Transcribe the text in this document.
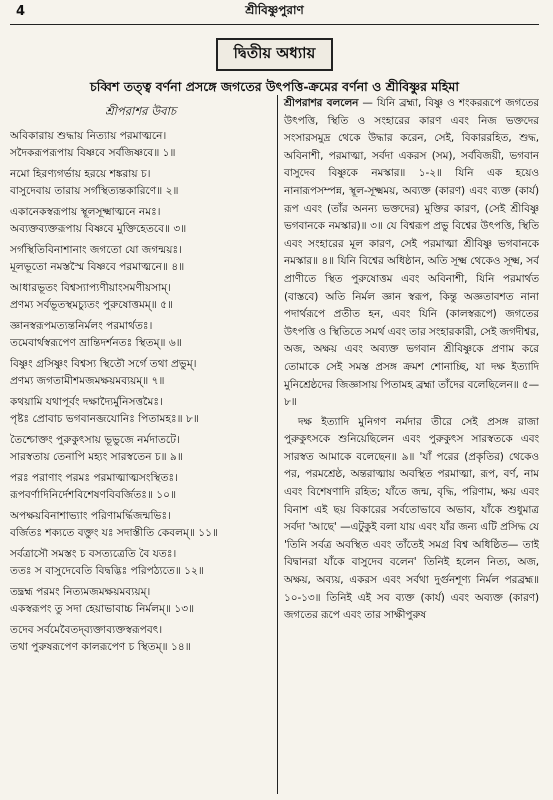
4	শ্রীবিষ্ণুপুরাণ
দ্বিতীয় অধ্যায়
চব্বিশ তত্ত্ব বর্ণনা প্রসঙ্গে জগতের উৎপত্তি-ক্রমের বর্ণনা ও শ্রীবিষ্ণুর মহিমা
শ্রীপরাশর উবাচ
অবিকারায় শুদ্ধায় নিত্যায় পরমাত্মনে।
সদৈকরূপরূপায় বিষ্ণবে সর্বজিষ্ণবে॥ ১॥
নমো হিরণ্যগর্ভায় হরয়ে শঙ্করায় চ।
বাসুদেবায় তারায় সর্গস্থিত্যন্তকারিণে॥ ২॥
একানেকস্বরূপায় স্থূলসূক্ষ্মাত্মনে নমঃ।
অব্যক্তব্যক্তরূপায় বিষ্ণবে মুক্তিহেতবে॥ ৩॥
সর্গস্থিতিবিনাশানাং জগতো যো জগন্ময়ঃ।
মূলভূতো নমস্তস্মৈ বিষ্ণবে পরমাত্মনে॥ ৪॥
আধারভূতং বিশ্বস্যাপ্যণীয়াংসমণীয়সাম্।
প্রণম্য সর্বভূতস্থমচ্যুতং পুরুষোত্তমম্॥ ৫॥
জ্ঞানস্বরূপমত্যন্তনির্মলং পরমার্থতঃ।
তমেবার্থস্বরূপেণ ভ্রান্তিদর্শনতঃ স্থিতম্॥ ৬॥
বিষ্ণুং গ্রসিষ্ণুং বিশ্বস্য স্থিতৌ সর্গে তথা প্রভুম্।
প্রণম্য জগতামীশমজমক্ষয়মব্যয়ম্॥ ৭॥
কথয়ামি যথাপূর্বং দক্ষাদ্যৈর্মুনিসত্তমৈঃ।
পৃষ্টঃ প্রোবাচ ভগবানব্জযোনিঃ পিতামহঃ॥ ৮॥
তৈশ্চোক্তং পুরুকুৎসায় ভূভুজে নর্মদাতটে।
সারস্বতায় তেনাপি মহ্যং সারস্বতেন চ॥ ৯॥
পরঃ পরাণাং পরমঃ পরমাত্মাত্মসংস্থিতঃ।
রূপবর্ণাদিনির্দেশবিশেষণবিবর্জিতঃ॥ ১০॥
অপক্ষয়বিনাশাভ্যাং পরিণামর্দ্ধিজন্মভিঃ।
বর্জিতঃ শক্যতে বক্তুং যঃ সদাস্তীতি কেবলম্॥ ১১॥
সর্বত্রাসৌ সমস্তং চ বসত্যত্রেতি বৈ যতঃ।
ততঃ স বাসুদেবেতি বিদ্বদ্ভিঃ পরিপঠ্যতে॥ ১২॥
তদ্ব্রহ্ম পরমং নিত্যমজমক্ষয়মব্যয়ম্।
একস্বরূপং তু সদা হেয়াভাবাচ্চ নির্মলম্॥ ১৩॥
তদেব সর্বমেবৈতদ্‌ব্যক্তাব্যক্তস্বরূপবৎ।
তথা পুরুষরূপেণ কালরূপেণ চ স্থিতম্॥ ১৪॥

শ্রীপরাশর বললেন — যিনি ব্রহ্মা, বিষ্ণু ও শংকররূপে জগতের উৎপত্তি, স্থিতি ও সংহারের কারণ এবং নিজ ভক্তদের সংসারসমুদ্র থেকে উদ্ধার করেন, সেই, বিকাররহিত, শুদ্ধ, অবিনাশী, পরমাত্মা, সর্বদা একরস (সম), সর্ববিজয়ী, ভগবান বাসুদেব বিষ্ণুকে নমস্কার॥ ১-২॥ যিনি এক হয়েও নানারূপসম্পন্ন, স্থূল-সূক্ষ্মময়, অব্যক্ত (কারণ) এবং ব্যক্ত (কার্য) রূপ এবং (তাঁর অনন্য ভক্তদের) মুক্তির কারণ, (সেই শ্রীবিষ্ণু ভগবানকে নমস্কার)॥ ৩॥ যে বিশ্বরূপ প্রভু বিশ্বের উৎপত্তি, স্থিতি এবং সংহারের মূল কারণ, সেই পরমাত্মা শ্রীবিষ্ণু ভগবানকে নমস্কার॥ ৪॥ যিনি বিশ্বের অধিষ্ঠান, অতি সূক্ষ্ম থেকেও সূক্ষ্ম, সর্ব প্রাণীতে স্থিত পুরুষোত্তম এবং অবিনাশী, যিনি পরমার্থত (বাস্তবে) অতি নির্মল জ্ঞান স্বরূপ, কিন্তু অজ্ঞতাবশত নানা পদার্থরূপে প্রতীত হন, এবং যিনি (কালস্বরূপে) জগতের উৎপত্তি ও স্থিতিতে সমর্থ এবং তার সংহারকারী, সেই জগদীশ্বর, অজ, অক্ষয় এবং অব্যক্ত ভগবান শ্রীবিষ্ণুকে প্রণাম করে তোমাকে সেই সমস্ত প্রসঙ্গ ক্রমশ শোনাচ্ছি, যা দক্ষ ইত্যাদি মুনিশ্রেষ্ঠদের জিজ্ঞাসায় পিতামহ ব্রহ্মা তাঁদের বলেছিলেন॥ ৫—৮॥

দক্ষ ইত্যাদি মুনিগণ নর্মদার তীরে সেই প্রসঙ্গ রাজা পুরুকুৎসকে শুনিয়েছিলেন এবং পুরুকুৎস সারস্বতকে এবং সারস্বত আমাকে বলেছেন॥ ৯॥ 'যাঁ পরের (প্রকৃতির) থেকেও পর, পরমশ্রেষ্ঠ, অন্তরাত্মায় অবস্থিত পরমাত্মা, রূপ, বর্ণ, নাম এবং বিশেষণাদি রহিত; যাঁতে জন্ম, বৃদ্ধি, পরিণাম, ক্ষয় এবং বিনাশ এই ছয় বিকারের সর্বতোভাবে অভাব, যাঁকে শুধুমাত্র সর্বদা 'আছে' —এটুকুই বলা যায় এবং যাঁর জন্য এটি প্রসিদ্ধ যে 'তিনি সর্বত্র অবস্থিত এবং তাঁতেই সমগ্র বিশ্ব অধিষ্ঠিত— তাই বিদ্বানরা যাঁকে বাসুদেব বলেন' তিনিই হলেন নিত্য, অজ, অক্ষয়, অব্যয়, একরস এবং সর্বথা দুর্গুনশূণ্য নির্মল পরব্রহ্ম॥ ১০-১৩॥ তিনিই এই সব ব্যক্ত (কার্য) এবং অব্যক্ত (কারণ) জগতের রূপে এবং তার সাক্ষীপুরুষ
